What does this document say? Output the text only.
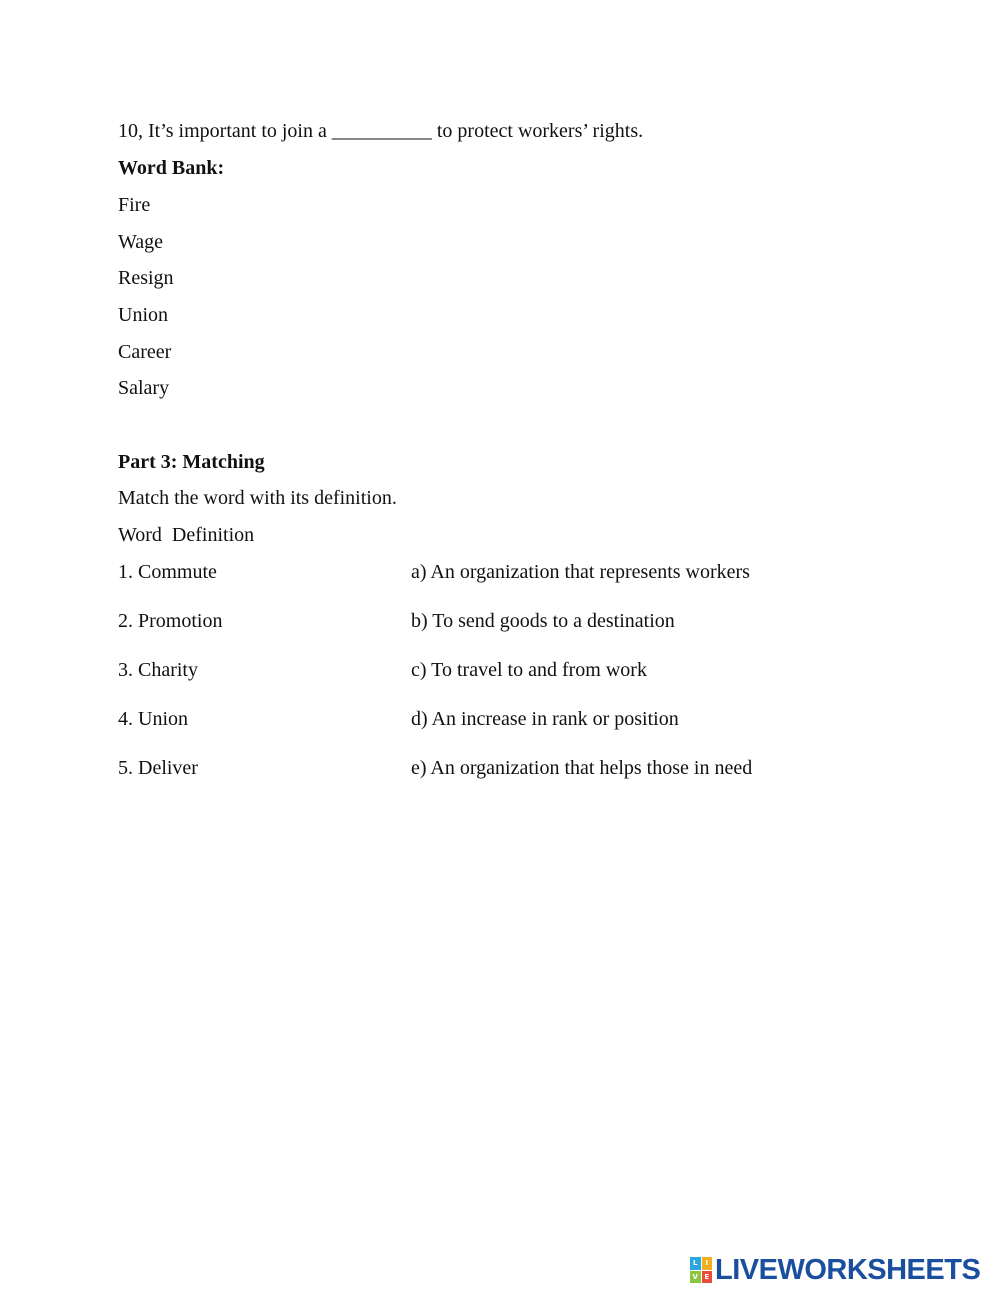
10, It’s important to join a __________ to protect workers’ rights.
Word Bank:
Fire
Wage
Resign
Union
Career
Salary
Part 3: Matching
Match the word with its definition.
Word  Definition
1. Commute	a) An organization that represents workers
2. Promotion	b) To send goods to a destination
3. Charity	c) To travel to and from work
4. Union	d) An increase in rank or position
5. Deliver	e) An organization that helps those in need
L	I
V E LIVEWORKSHEETS
